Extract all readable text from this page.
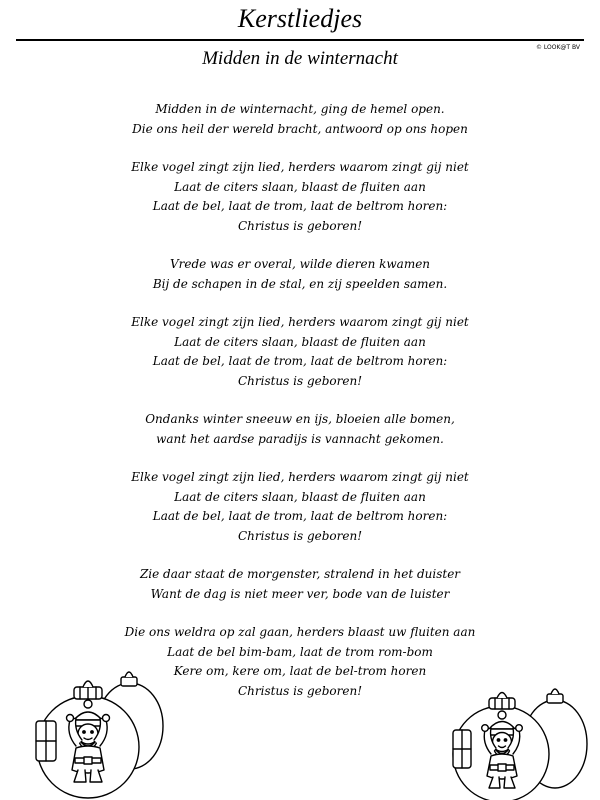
Kerstliedjes
© LOOK@T BV
Midden in de winternacht
Midden in de winternacht, ging de hemel open.
Die ons heil der wereld bracht, antwoord op ons hopen
Elke vogel zingt zijn lied, herders waarom zingt gij niet
Laat de citers slaan, blaast de fluiten aan
Laat de bel, laat de trom, laat de beltrom horen:
Christus is geboren!
Vrede was er overal, wilde dieren kwamen
Bij de schapen in de stal, en zij speelden samen.
Elke vogel zingt zijn lied, herders waarom zingt gij niet
Laat de citers slaan, blaast de fluiten aan
Laat de bel, laat de trom, laat de beltrom horen:
Christus is geboren!
Ondanks winter sneeuw en ijs, bloeien alle bomen,
want het aardse paradijs is vannacht gekomen.
Elke vogel zingt zijn lied, herders waarom zingt gij niet
Laat de citers slaan, blaast de fluiten aan
Laat de bel, laat de trom, laat de beltrom horen:
Christus is geboren!
Zie daar staat de morgenster, stralend in het duister
Want de dag is niet meer ver, bode van de luister
Die ons weldra op zal gaan, herders blaast uw fluiten aan
Laat de bel bim-bam, laat de trom rom-bom
Kere om, kere om, laat de bel-trom horen
Christus is geboren!
